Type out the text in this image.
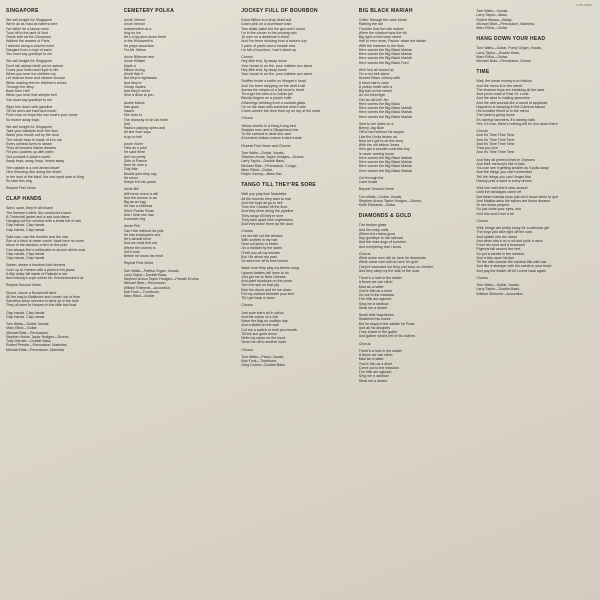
ILPS 9803
SINGAPORE
We sail tonight for Singapore
We're all as mad as hatters here
I've fallen for a tawny moor
Took off to the land of Nod
Drank with all the Chinamen
Walked the sewers of Paris
I danced along a colored wind
Dangled from a rope of sand
You must say goodbye to me
We sail tonight for Singapore
Don't fall asleep while you're ashore
Cross your heart and hope to die
When you hear the children cry
Let marrow bone and cleaver choose
While making feet for children's shoes
Through the alley
Back from Hell
When you hear that steeple bell
You must say goodbye to me
Wipe him down with gasoline
Till his arms are hard and mean
From now on boys this iron boat's your home
So heave away boys
We sail tonight for Singapore
Take your blankets from the floor
Wash your mouth out by the door
The whole town is made of iron ore
Every witness turns to steam
They all become Italian dreams
Fill your pockets up with earth
Get yourself a dollar's worth
Away boys, away, boys, heave away
The captain is a one armed dwarf
He's throwing dice along the wharf
In the land of the blind, the one eyed man is King
So take this ring
Repeat First Verse
CLAP HANDS
Sane, sane, they're all insane
The fireman's blind, the conductor's lame
A Cincinnati jacket and a sad luck dame
Hanging out the window with a bottle full of rain
Clap hands, Clap hands
Clap hands, Clap hands
Said roar, roar the thunder and the roar
Son of a bitch is never comin' back here no more
Moon in the window, a bird on the pole
Can always find a millionaire to shovel all the coal
Clap hands, Clap hands
Clap hands, Clap hands
Steam, steam a hundred bad dreams
Goin' up to Harlem with a pistol in his jeans
A fifty dollar bill inside of Palladin's hat
And nobody's cryin where Mr. Knickerbocker's at
Repeat Second Verse
Shove, shove a Roosevelt dime
All the way to Baltimore and runnin' out of time
Salvation Army seemed to wind up in the hole
They all went to Heaven in the little tow boat
Clap hands, Clap hands
Clap hands, Clap hands
Tom Waits—Guitar, Vocals,
Marc Ribot—Guitar,
Michael Blair—Percussion,
Stephen Arvizu Taylor Hodges—Drums,
Tony Garnier—Double Bass,
Robert Previte—Percussion, Marimba,
Michael Blair—Percussion, Marimba
CEMETERY POLKA
Uncle Vernon
Uncle Vernon
Independent as a
Hog on ice
He's a big shot down there
In the Woolworth's
He plays accordion
For Mr. Weiss
Uncle Biltmore and
Uncle William
Made a
Million during
World War II
But they're tightwads
And they're
Cheap skates
And they'll never
Give a dime to you
Auntie Mame
Has gone
Insane
She lives in
The doorway of an old hotel
And
Radio's playing opera and
All she ever says
Is go to hell
Uncle Violet
Flew as a pilot
He said there
Ain't no pretty
Girls in France
Now he runs a
Tidy little
Bookie joint they say
He never
Keeps it in his pants
Uncle Bill
Will never leave a will
And the tumour is as
Big as an egg
He has a mistress
She's Puerto Rican
And I hear she has
A wooden leg
Uncle Phil
Can't live without his pills
He has employees and
He's almost blind
And we must find out
Where the money is
Got it now
Before he loses his mind
Repeat First Verse
Tom Waits—Farfisa Organ, Vocals,
Larry Taylor—Double Bass,
Stephen Arvizu Taylor Hodges—Parade Drums,
Michael Blair—Percussion,
William Shimmel—Accordion,
Bob Funk—Trombone,
Marc Ribot—Guitar
JOCKEY FULL OF BOURBON
Edna Million in a drop dead suit
Dutch pink on a downtown train
Two dollar pistol but the gun won't shoot
I'm in the corner in the pouring rain
16 men on a deadman's chest
And I've been drinking from a broken cup
2 pairs of pants and a mohair vest
I'm full of bourbon; I can't stand up
Chorus
Hey little bird, fly away home
Your house is on fire, your children are alone
Hey little bird, fly away home
Your house is on fire, your children are alone
Schiffer broke a bottle on Morgan's head
And I've been stepping on the devil's tail
Across the stripes of a full moon's head
Through the bars of a Cuban jail
Bloody fingers on a purple knife
A flamingo drinking from a cocktail glass
I'm on the lawn with someone else's wife
Come admire the view from up on top of the mast
Chorus
Yellow sheets in a Hong Kong bed
Stazybo horn and a Slingerland ride
To the carnival is what she said
A hundred dollars makes it dark inside
Repeat First Verse and Chorus
Tom Waits—Guitar, Vocals,
Stephen Arvizu Taylor Hodges—Drums,
Larry Taylor—Double Bass,
Michael Blair—Percussion, Congo,
Marc Ribot—Guitar,
Ralph Carney—Bass Sax
TANGO TILL THEY'RE SORE
Well you play that Tarantella
All the hounds they start to roar
And the boys all go to hell
Then the Cubans hit the floor
And they drive along the pipeline
They tango till they're sore
They take apart their nightmares
And they leave them by the door
Chorus
Let me fall out the window
With confetti in my hair
Deal out jacks or better
On a blanket by the stairs
I'll tell you all my secrets
But I lie about my past
So send me off to bed forever
Make sure they play my theme song
I guess daisies will have to do
Just get me to New Orleans
And paint shadows on the pews
Turn the spit on that pig
Kick the drunk and let me down
Put my clarinet beneath your bed
Till I get back in town
Chorus
Just sure she's all in calico
And the colour of a doll
Wave the flag on cadillac day
And a skillet on the wall
Cut me a switch or hold you breath
Till the sun goes down
Write my name on the hood
Send me off to another town
Chorus
Tom Waits—Piano, Vocals,
Bob Funk—Trombone,
Greg Cohen—Double Bass
BIG BLACK MARIAH
Cuttin' through the cane break
Rattling the rail
Thunder that the rain makes
When the shadow tops the hill
Big light on the back street
Hell to ever more, Packin' down the ladder
With the hammer to the floor
Here comes the Big Black Mariah
Here comes the Big Black Mariah
Here comes the Big Black Mariah
Here comes the Big Black Ford
Well he's all boxed up
On a red bell dame
Hunted Black Johnny with
A blind man's cane
A yellow bullet with a
Big ball on the wheel
An old blind tiger
Get an old bell Jim
Here comes the Big Black
Here comes the Big Black Mariah
Here comes the Big Black Mariah
Here comes the Big Black Mariah
Sent to the skies on a
Benny Jag Blue
Off to bed without his supper
Like the Linda brides do
Now he's got to do the story
With the old widow Jones
He's got a wooden coat this boy
Is never coming home
Here comes the Big Black Mariah
Here comes the Big Black Mariah
Here comes the Big Black Mariah
Here comes the Big Black Mariah
Cut through the
Cane brake
Repeat Second Verse
Tom Waits—Guitar, Vocals,
Stephen Arvizu Taylor Hodges—Drums,
Keith Richards—Guitar
DIAMONDS & GOLD
The broken glass
And the rusty nails
Where the robins grow
Say goodbye to the railroad
And the mad dogs of summer
And everything that I know
Chorus
What some men will do here for diamonds
While some men will do here for gold
They're wounded but they just keep on climbin'
And they sleep by the side of the road
There's a hole in the ladder
A fence we can climb
Mad as a hatter
You're thin as a dime
Go out to the meadow
The hills are aglowin
Sing me a rainbow
Steal me a dream
Small time Napoleons
Shattered his knees
But he stays in the saddle for Rose
And all his disciples
They shave in the gutter
And gather what's left of his clothes
Chorus
There's a hole in the ladder
A fence we can climb
Mad as a hatter
You're thin as a dime
Come out to the meadow
The hills are aglowin
Sing me a rainbow
Steal me a dream
Tom Waits—Vocals,
Larry Taylor—Bass,
Robert Musso—Banjo,
Michael Blair—Percussion, Marimba,
Marc Ribot—Guitar
HANG DOWN YOUR HEAD
Tom Waits—Guitar, Pump Organ, Vocals,
Larry Taylor—Double Bass,
Marc Ribot—Guitar,
Michael Blair—Percussion, Drums
TIME
Well, the smart money's on Harlow
And the moon is in the street
The shadow boys are breaking all the laws
And you're east of East St. Louis
And the wind is making speeches
And the rain sounds like a round of applause
Napoleon is weeping in the Carnival saloon
His invisible friend is in the mirror
The band is going home
It's raining hammers, it's raining nails
Yes, it's true, there's nothing left for him down there
Chorus
And it's Time Time Time
And it's Time Time Time
And it's Time Time Time
That you love
And it's Time Time Time
And they all pretend they're Orphans
And their memory's like a train
You can see it getting smaller as it pulls away
And the things you can't remember
Tell the things you can't forget that
History puts a saint in every dream
Well she said she'd stick around
Until the bandages came off
But these mamas boys just don't know when to quit
And Matilda asks the sailors are those dreams
Or are those prayers
So just close your eyes, son
And this won't hurt a bit
Chorus
Well, things are pretty lousy for a calendar girl
The boys just dive right off the cars
And splash into the street
And when she's on a roll she pulls a razor
From her boot and a thousand
Pigeons fall around her feet
So put a candle in the window
And a kiss upon his lips
Till the dish outside the window fills with rain
Just like a stranger with the seeds in your heart
And pay the fiddler off till I come back again
Chorus
Tom Waits—Guitar, Vocals,
Larry Taylor—Double Bass,
William Shimmel—Accordion
